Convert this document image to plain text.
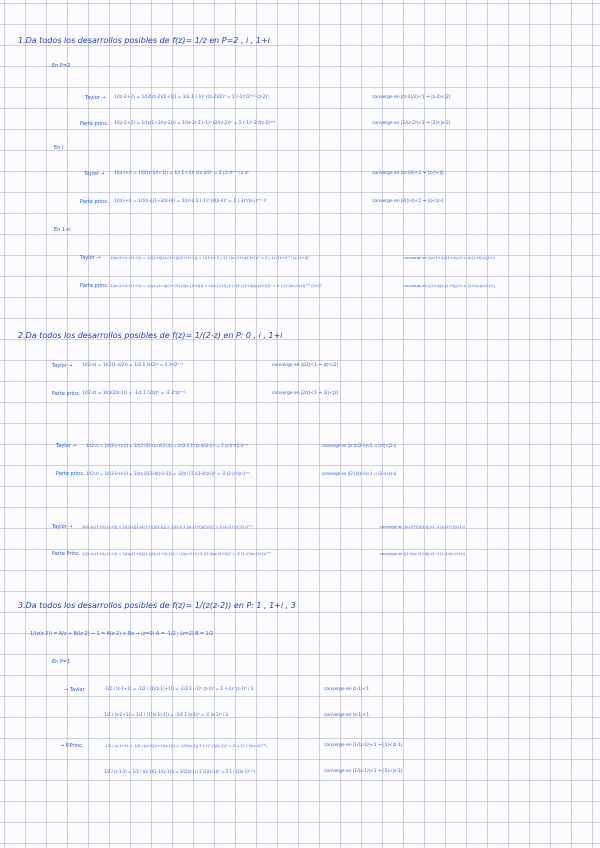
1.Da todos los desarrollos posibles de f(z)= 1/z en P=2 , i , 1+i
En P=2
Taylor → 1/(z-2+2) = 1/(2[(z-2)/2+1]) = 1/2 Σ (-1)ⁿ ((z-2)/2)ⁿ = Σ (-1)ⁿ/2ⁿ⁺¹ (z-2)ⁿ	converge en |(z-2)/2|<1 ⇒ |z-2|<|2|
Parte princ. 1/(z-2+2) = 1/(z(1+2/(z-2))) = 1/(z-2) Σ (-1)ⁿ (2/(z-2))ⁿ = Σ (-1)ⁿ 2ⁿ/(z-2)ⁿ⁺¹	converge en |2/(z-2)|<1 ⇒ |2|<|z-2|
En i
Taylor → 1/(z-i+i) = 1/(i[(z-i)/i+1]) = 1/i Σ (-1)ⁿ ((z-i)/i)ⁿ = Σ (i)ⁿ/iⁿ⁺¹ (z-i)ⁿ	converge en |(z-i)/i|<1 ⇒ |z-i|<|i|
Parte princ. 1/(z-i+i) = 1/((z-i)(1+i/(z-i))) = 1/(z-i) Σ (-1)ⁿ (i/(z-i))ⁿ = Σ (-1)ⁿ/(z-i)ⁿ⁺¹ iⁿ	converge en |i/(z-i)|<1 ⇒ |i|<|z-i|
En 1+i
Taylor → 1/(z-(1+i)+(1+i)) = 1/((1+i)[(z-(1+i))/(1+i)+1]) = 1/(1+i) Σ (-1)ⁿ ((z-(1+i))/(1+i))ⁿ = Σ (-1)ⁿ/(1+i)ⁿ⁺¹ (z-(1+i))ⁿ	converge en |(z-(1+i))/(1+i)|<1 ⇒ |z-(1+i)|<|1+i|
Parte princ. 1/(z-(1+i)+(1+i)) = 1/((z-(1+i))(1+(1+i)/(z-(1+i)))) = 1/(z-(1+i)) Σ (-1)ⁿ ((1+i)/(z-(1+i)))ⁿ = Σ (-1)ⁿ/(z-(1+i))ⁿ⁺¹ (1+i)ⁿ	converge en |(1+i)/(z-(1+i))|<1 ⇒ |1+i|<|z-(1+i)|
2.Da todos los desarrollos posibles de f(z)= 1/(2-z) en P: 0 , i , 1+i
Taylor → 1/(2-z) = 1/(2(1-z/2)) = 1/2 Σ (z/2)ⁿ = Σ zⁿ/2ⁿ⁺¹	converge en |z/2|<1 ⇒ |z|<|2|
Parte princ. 1/(2-z) = 1/(z(2/z-1)) = -1/z Σ (2/z)ⁿ = -Σ 2ⁿ/zⁿ⁺¹	converge en |2/z|<1 ⇒ |2|<|z|
Taylor → 1/(2-z) = 1/((2-i)-(z-i)) = 1/((2-i)[1-(z-i)/(2-i)]) = 1/(2-i) Σ ((z-i)/(2-i))ⁿ = Σ (z-i)ⁿ/(2-i)ⁿ⁺¹	converge en |(z-i)/(2-i)|<1 ⇒ |z-i|<|2-i|
Parte princ. 1/(2-z) = 1/((2-i)-(z-i)) = 1/((z-i)[(2-i)/(z-i)-1]) = -1/(z-i) Σ ((2-i)/(z-i))ⁿ = -Σ (2-i)ⁿ/(z-i)ⁿ⁺¹	converge en |(2-i)/(z-i)|<1 ⇒ |2-i|<|z-i|
Taylor → 1/(2-(z-(1+i))-(1+i)) = 1/((1-i)[1-(z-(1+i))/(1-i)]) = 1/(1-i) Σ ((z-(1+i))/(1-i))ⁿ = Σ (z-(1+i))ⁿ/(1-i)ⁿ⁺¹	converge en |(z-(1+i))/(1-i)|<1 ⇒ |z-(1+i)|<|1-i|
Parte Princ. 1/(2-(z-(1+i))-(1+i)) = 1/((z-(1+i))[(1-i)/(z-(1+i))-1]) = -1/(z-(1+i)) Σ ((1-i)/(z-(1+i)))ⁿ = -Σ (1-i)ⁿ/(z-(1+i))ⁿ⁺¹	converge en |(1-i)/(z-(1+i))|<1 ⇒ |1-i|<|z-(1+i)|
3.Da todos los desarrollos posibles de f(z)= 1/(z(z-2)) en P: 1 , 1+i , 3
1/(z(z-2)) = A/z + B/(z-2) ⇒ 1 = A(z-2) + Bz ⇒ (z=0) A = -1/2 ; (z=2) B = 1/2
En P=1
→ Taylor	-1/2 / (z-1+1) = -1/2 / (1[(z-1)+1]) = -1/2 Σ (-1)ⁿ (z-1)ⁿ = Σ -(-1)ⁿ (z-1)ⁿ / 2	converge en |z-1|<1
1/2 / (z-2+1) = 1/2 / (1[(z-1)-1]) = -1/2 Σ (z-1)ⁿ = -Σ (z-1)ⁿ / 2	converge en |z-1|<1
→ P.Princ.	-1/2 / (z-1+1) = -1/2 / ((z-1)[1+1/(z-1)]) = -1/(2(z-1)) Σ (-1)ⁿ (1/(z-1))ⁿ = Σ -(-1)ⁿ / (2(z-1)ⁿ⁺¹)	converge en |1/(z-1)|<1 ⇒ |1|<|z-1|
1/2 / (z-1-1) = 1/2 / ((z-1)[1-1/(z-1)]) = 1/(2(z-1)) Σ (1/(z-1))ⁿ = Σ 1 / (2(z-1)ⁿ⁺¹)	converge en |1/(z-1)|<1 ⇒ |1|<|z-1|
